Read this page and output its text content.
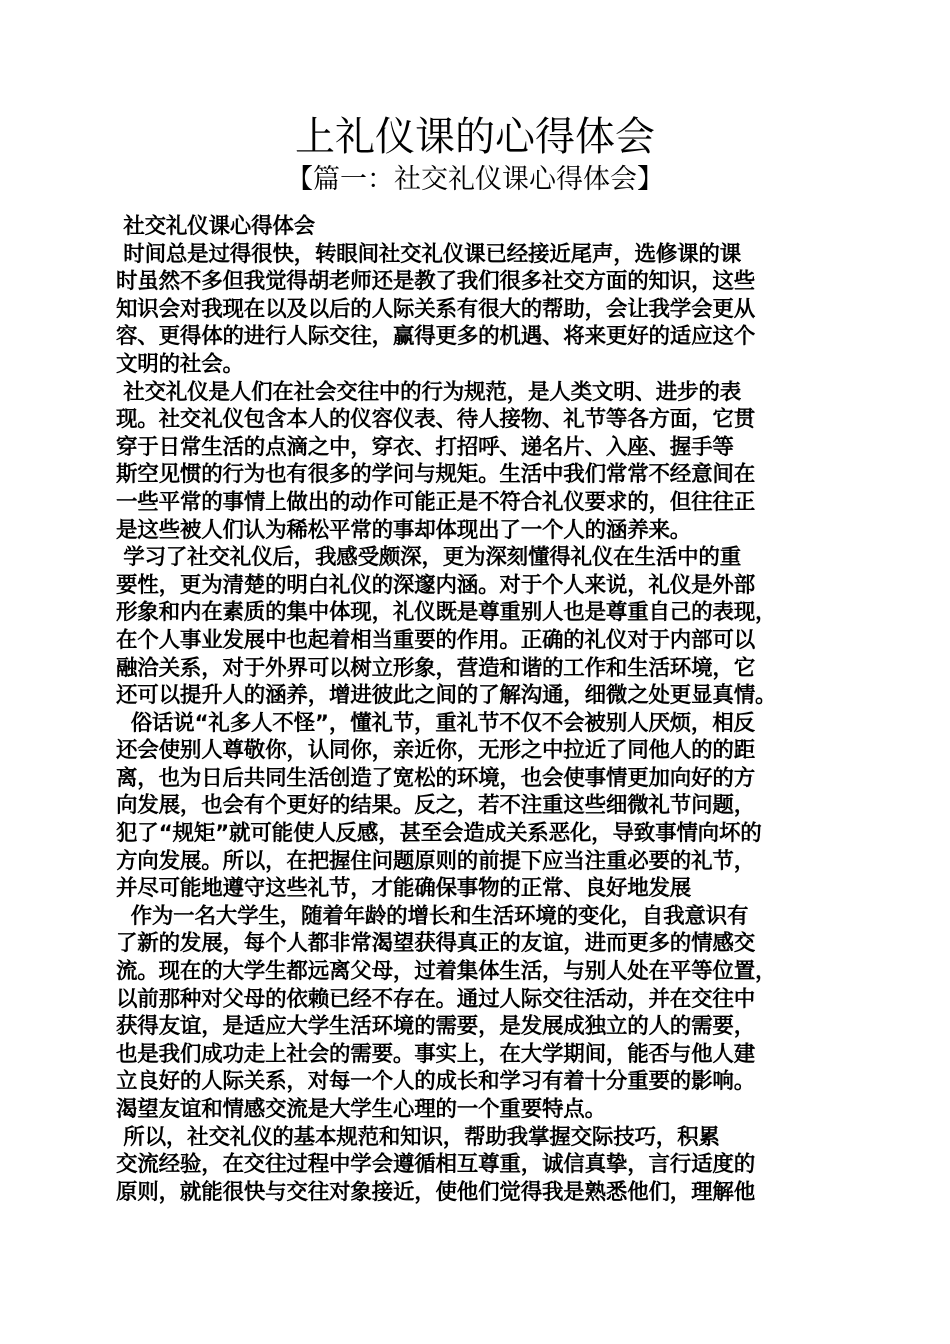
上礼仪课的心得体会
【篇一：社交礼仪课心得体会】
社交礼仪课心得体会
时间总是过得很快，转眼间社交礼仪课已经接近尾声，选修课的课
时虽然不多但我觉得胡老师还是教了我们很多社交方面的知识，这些
知识会对我现在以及以后的人际关系有很大的帮助，会让我学会更从
容、更得体的进行人际交往，赢得更多的机遇、将来更好的适应这个
文明的社会。
社交礼仪是人们在社会交往中的行为规范，是人类文明、进步的表
现。社交礼仪包含本人的仪容仪表、待人接物、礼节等各方面，它贯
穿于日常生活的点滴之中，穿衣、打招呼、递名片、入座、握手等
斯空见惯的行为也有很多的学问与规矩。生活中我们常常不经意间在
一些平常的事情上做出的动作可能正是不符合礼仪要求的，但往往正
是这些被人们认为稀松平常的事却体现出了一个人的涵养来。
学习了社交礼仪后，我感受颇深，更为深刻懂得礼仪在生活中的重
要性，更为清楚的明白礼仪的深邃内涵。对于个人来说，礼仪是外部
形象和内在素质的集中体现，礼仪既是尊重别人也是尊重自己的表现，
在个人事业发展中也起着相当重要的作用。正确的礼仪对于内部可以
融洽关系，对于外界可以树立形象，营造和谐的工作和生活环境，它
还可以提升人的涵养，增进彼此之间的了解沟通，细微之处更显真情。
俗话说“礼多人不怪”，懂礼节，重礼节不仅不会被别人厌烦，相反
还会使别人尊敬你，认同你，亲近你，无形之中拉近了同他人的的距
离，也为日后共同生活创造了宽松的环境，也会使事情更加向好的方
向发展，也会有个更好的结果。反之，若不注重这些细微礼节问题，
犯了“规矩”就可能使人反感，甚至会造成关系恶化，导致事情向坏的
方向发展。所以，在把握住问题原则的前提下应当注重必要的礼节，
并尽可能地遵守这些礼节，才能确保事物的正常、良好地发展
作为一名大学生，随着年龄的增长和生活环境的变化，自我意识有
了新的发展，每个人都非常渴望获得真正的友谊，进而更多的情感交
流。现在的大学生都远离父母，过着集体生活，与别人处在平等位置，
以前那种对父母的依赖已经不存在。通过人际交往活动，并在交往中
获得友谊，是适应大学生活环境的需要，是发展成独立的人的需要，
也是我们成功走上社会的需要。事实上，在大学期间，能否与他人建
立良好的人际关系，对每一个人的成长和学习有着十分重要的影响。
渴望友谊和情感交流是大学生心理的一个重要特点。
所以，社交礼仪的基本规范和知识，帮助我掌握交际技巧，积累
交流经验，在交往过程中学会遵循相互尊重，诚信真挚，言行适度的
原则，就能很快与交往对象接近，使他们觉得我是熟悉他们，理解他
